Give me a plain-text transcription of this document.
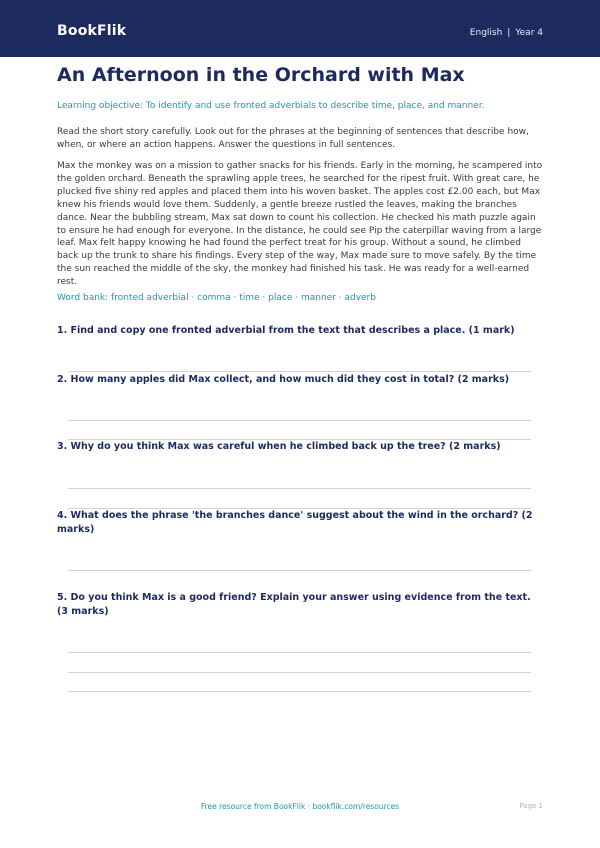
BookFlik	English | Year 4
An Afternoon in the Orchard with Max
Learning objective: To identify and use fronted adverbials to describe time, place, and manner.
Read the short story carefully. Look out for the phrases at the beginning of sentences that describe how, when, or where an action happens. Answer the questions in full sentences.
Max the monkey was on a mission to gather snacks for his friends. Early in the morning, he scampered into the golden orchard. Beneath the sprawling apple trees, he searched for the ripest fruit. With great care, he plucked five shiny red apples and placed them into his woven basket. The apples cost £2.00 each, but Max knew his friends would love them. Suddenly, a gentle breeze rustled the leaves, making the branches dance. Near the bubbling stream, Max sat down to count his collection. He checked his math puzzle again to ensure he had enough for everyone. In the distance, he could see Pip the caterpillar waving from a large leaf. Max felt happy knowing he had found the perfect treat for his group. Without a sound, he climbed back up the trunk to share his findings. Every step of the way, Max made sure to move safely. By the time the sun reached the middle of the sky, the monkey had finished his task. He was ready for a well-earned rest.
Word bank: fronted adverbial · comma · time · place · manner · adverb
1. Find and copy one fronted adverbial from the text that describes a place. (1 mark)
2. How many apples did Max collect, and how much did they cost in total? (2 marks)
3. Why do you think Max was careful when he climbed back up the tree? (2 marks)
4. What does the phrase 'the branches dance' suggest about the wind in the orchard? (2 marks)
5. Do you think Max is a good friend? Explain your answer using evidence from the text. (3 marks)
Free resource from BookFlik · bookflik.com/resources	Page 1
